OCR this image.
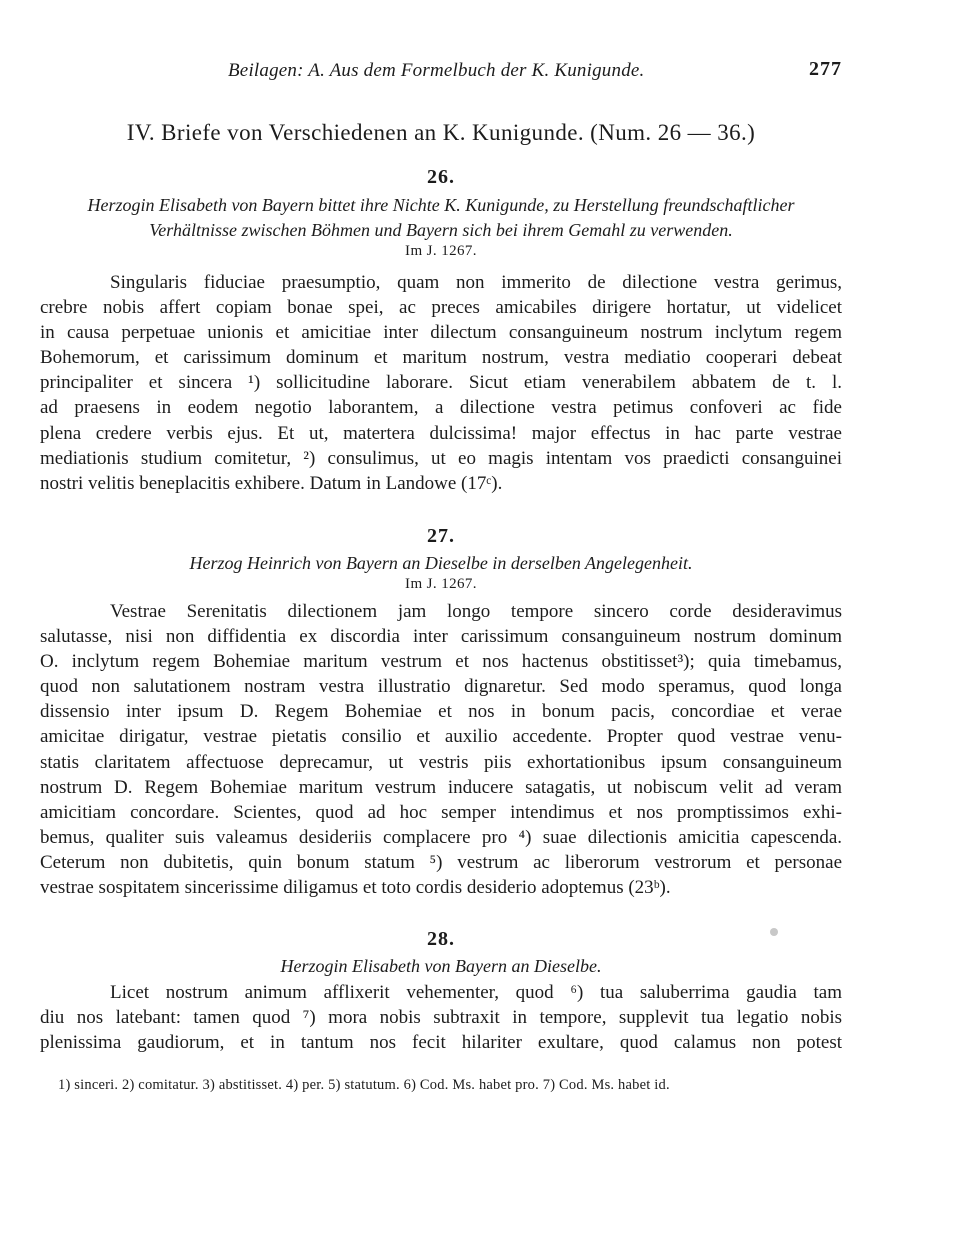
Beilagen: A. Aus dem Formelbuch der K. Kunigunde.	277
IV. Briefe von Verschiedenen an K. Kunigunde. (Num. 26 — 36.)
26.
Herzogin Elisabeth von Bayern bittet ihre Nichte K. Kunigunde, zu Herstellung freundschaftlicher
Verhältnisse zwischen Böhmen und Bayern sich bei ihrem Gemahl zu verwenden.
Im J. 1267.
Singularis fiduciae praesumptio, quam non immerito de dilectione vestra gerimus,
crebre nobis affert copiam bonae spei, ac preces amicabiles dirigere hortatur, ut videlicet
in causa perpetuae unionis et amicitiae inter dilectum consanguineum nostrum inclytum regem
Bohemorum, et carissimum dominum et maritum nostrum, vestra mediatio cooperari debeat
principaliter et sincera ¹) sollicitudine laborare. Sicut etiam venerabilem abbatem de t. l.
ad praesens in eodem negotio laborantem, a dilectione vestra petimus confoveri ac fide
plena credere verbis ejus. Et ut, matertera dulcissima! major effectus in hac parte vestrae
mediationis studium comitetur, ²) consulimus, ut eo magis intentam vos praedicti consanguinei
nostri velitis beneplacitis exhibere. Datum in Landowe (17ᶜ).
27.
Herzog Heinrich von Bayern an Dieselbe in derselben Angelegenheit.
Im J. 1267.
Vestrae Serenitatis dilectionem jam longo tempore sincero corde desideravimus
salutasse, nisi non diffidentia ex discordia inter carissimum consanguineum nostrum dominum
O. inclytum regem Bohemiae maritum vestrum et nos hactenus obstitisset³); quia timebamus,
quod non salutationem nostram vestra illustratio dignaretur. Sed modo speramus, quod longa
dissensio inter ipsum D. Regem Bohemiae et nos in bonum pacis, concordiae et verae
amicitae dirigatur, vestrae pietatis consilio et auxilio accedente. Propter quod vestrae venu-
statis claritatem affectuose deprecamur, ut vestris piis exhortationibus ipsum consanguineum
nostrum D. Regem Bohemiae maritum vestrum inducere satagatis, ut nobiscum velit ad veram
amicitiam concordare. Scientes, quod ad hoc semper intendimus et nos promptissimos exhi-
bemus, qualiter suis valeamus desideriis complacere pro ⁴) suae dilectionis amicitia capescenda.
Ceterum non dubitetis, quin bonum statum ⁵) vestrum ac liberorum vestrorum et personae
vestrae sospitatem sincerissime diligamus et toto cordis desiderio adoptemus (23ᵇ).
28.
Herzogin Elisabeth von Bayern an Dieselbe.
Licet nostrum animum afflixerit vehementer, quod ⁶) tua saluberrima gaudia tam
diu nos latebant: tamen quod ⁷) mora nobis subtraxit in tempore, supplevit tua legatio nobis
plenissima gaudiorum, et in tantum nos fecit hilariter exultare, quod calamus non potest
1) sinceri. 2) comitatur. 3) abstitisset. 4) per. 5) statutum. 6) Cod. Ms. habet pro. 7) Cod. Ms. habet id.
